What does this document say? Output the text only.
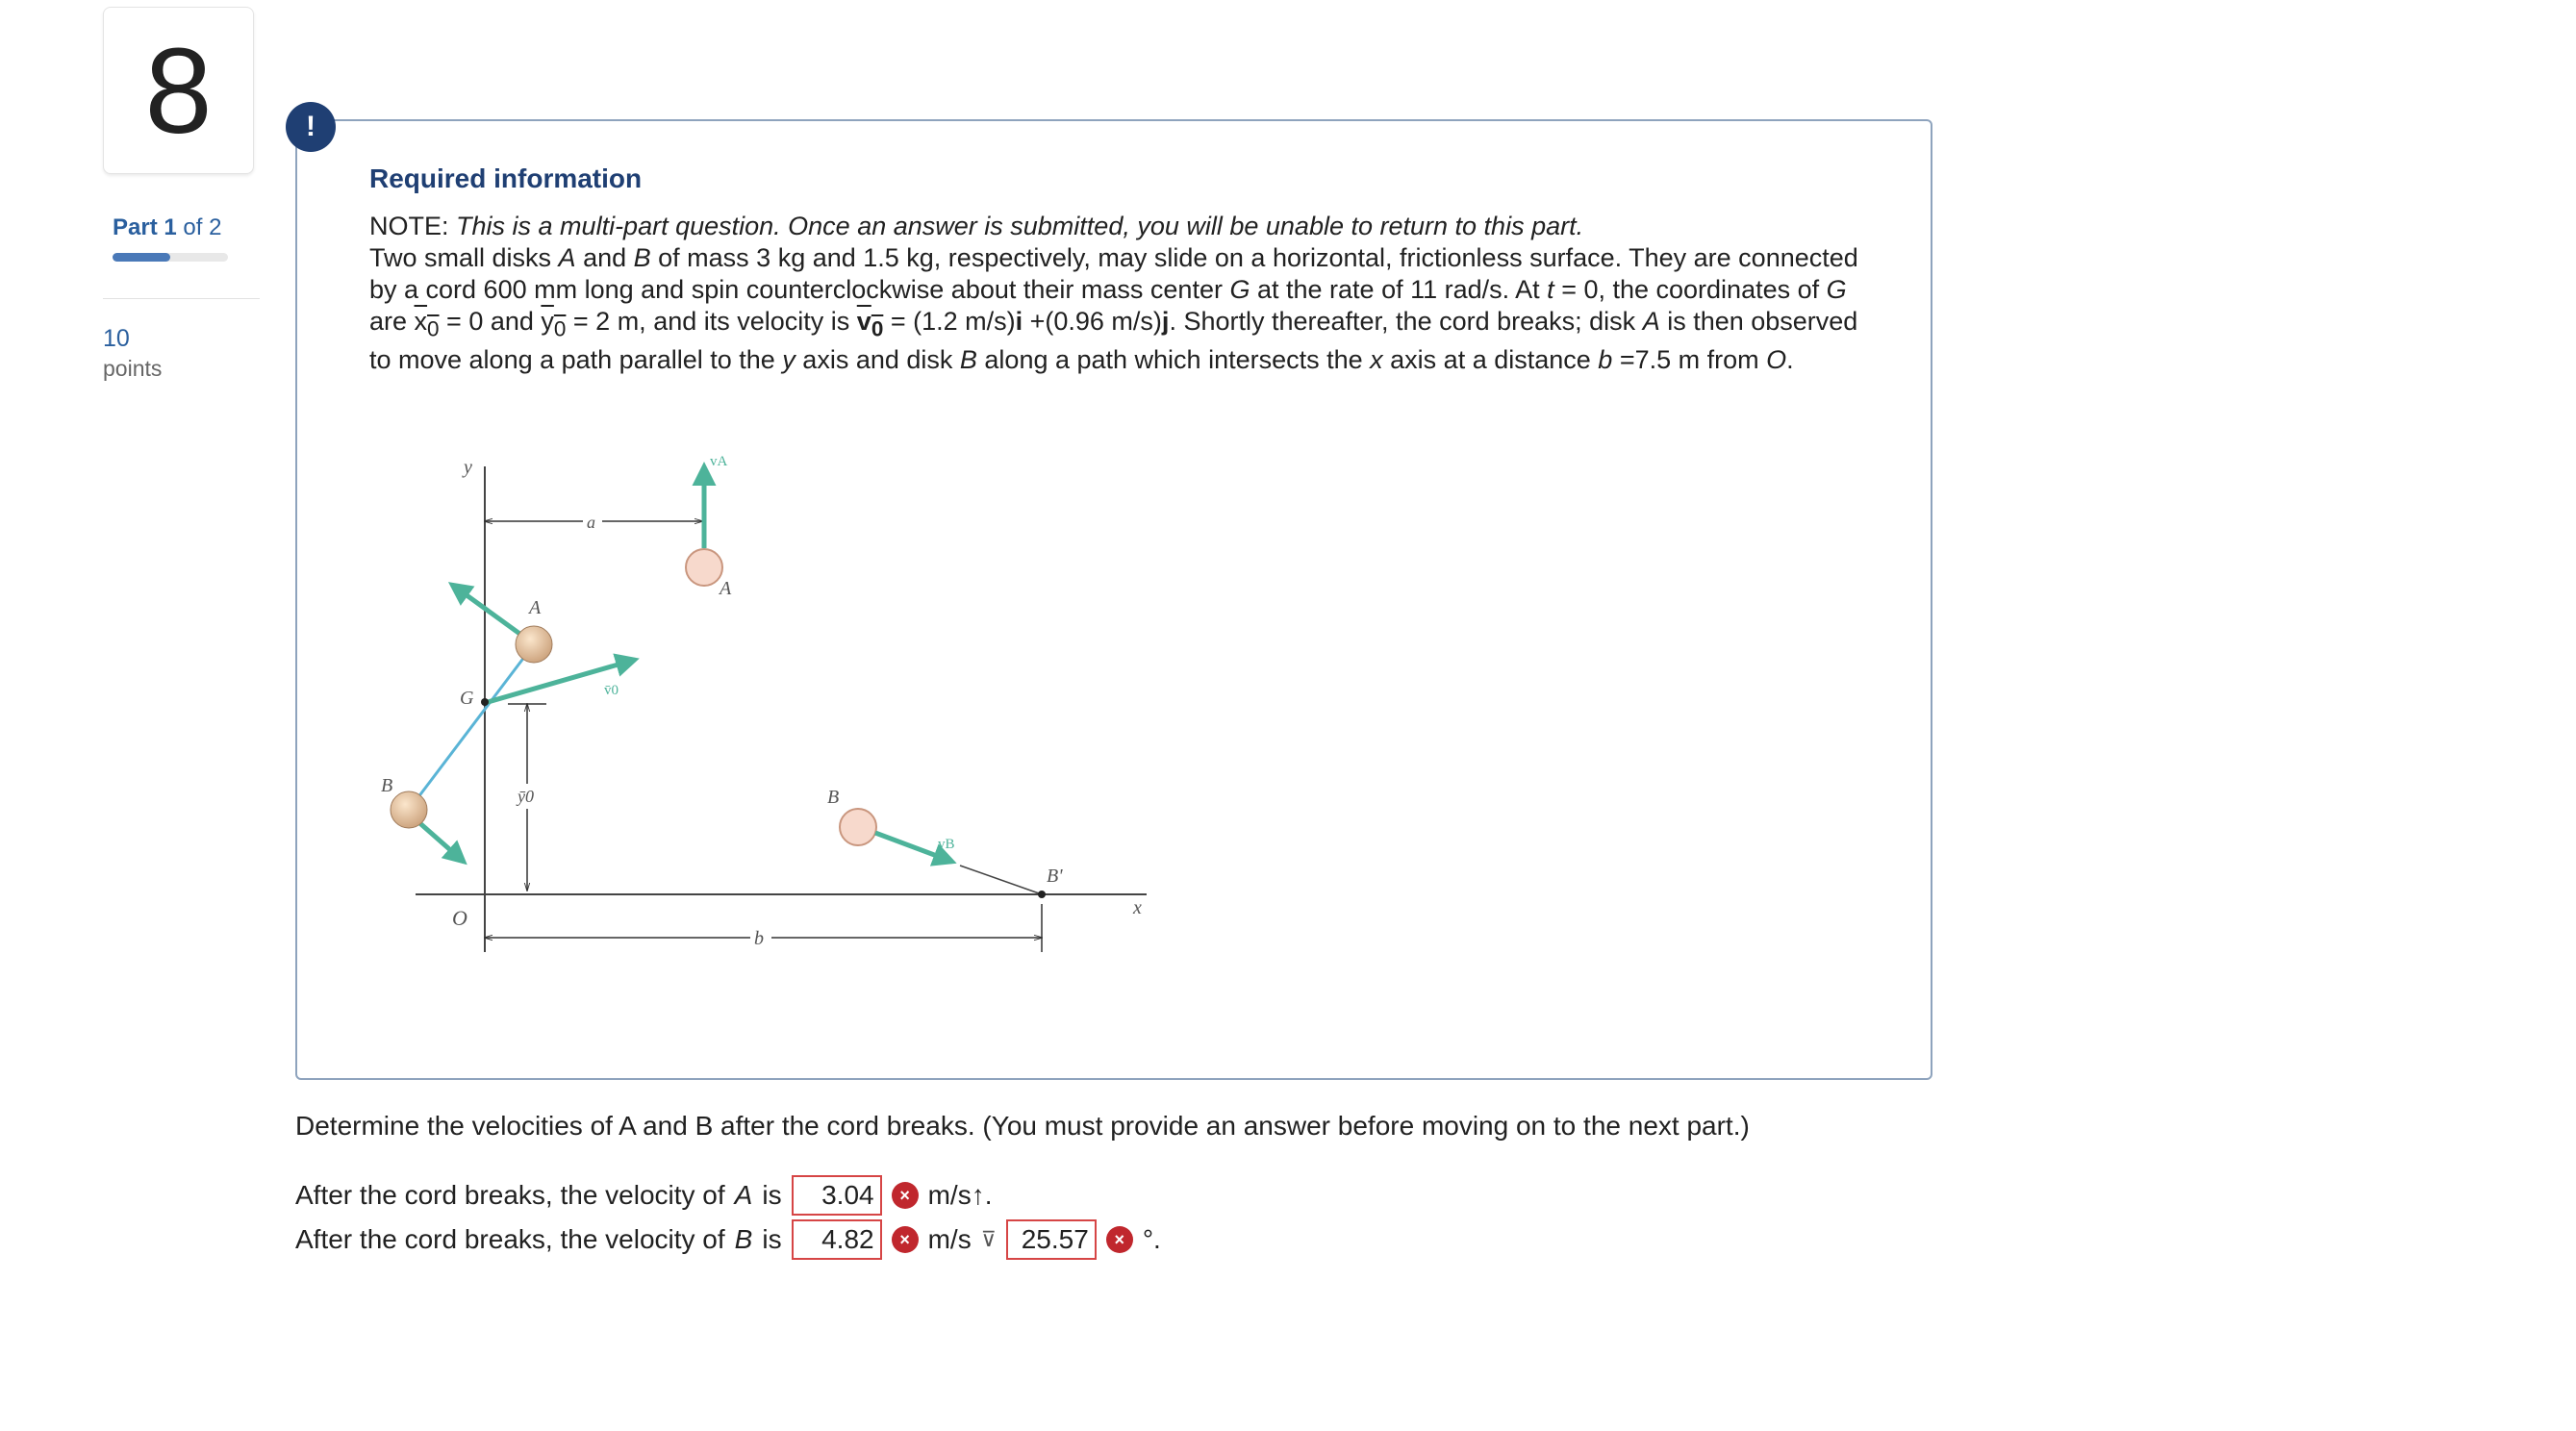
8
Part 1 of 2
10
points
!
Required information

NOTE: This is a multi-part question. Once an answer is submitted, you will be unable to return to this part.

Two small disks A and B of mass 3 kg and 1.5 kg, respectively, may slide on a horizontal, frictionless surface. They are connected by a cord 600 mm long and spin counterclockwise about their mass center G at the rate of 11 rad/s. At t = 0, the coordinates of G are $x_0 = 0$ and $y_0 = 2$ m, and its velocity is $v_0 = (1.2$ m/s)i +(0.96 m/s)j. Shortly thereafter, the cord breaks; disk A is then observed to move along a path parallel to the y axis and disk B along a path which intersects the x axis at a distance b =7.5 m from O.

y
x
O
a
vA
A
A
v̄0
G
B	ȳ0	B
vB
B'
b
Determine the velocities of A and B after the cord breaks. (You must provide an answer before moving on to the next part.)
After the cord breaks, the velocity of A is	3.04	× m/s↑.
After the cord breaks, the velocity of B is	4.82	× m/s ⊽ 25.57	× °.
